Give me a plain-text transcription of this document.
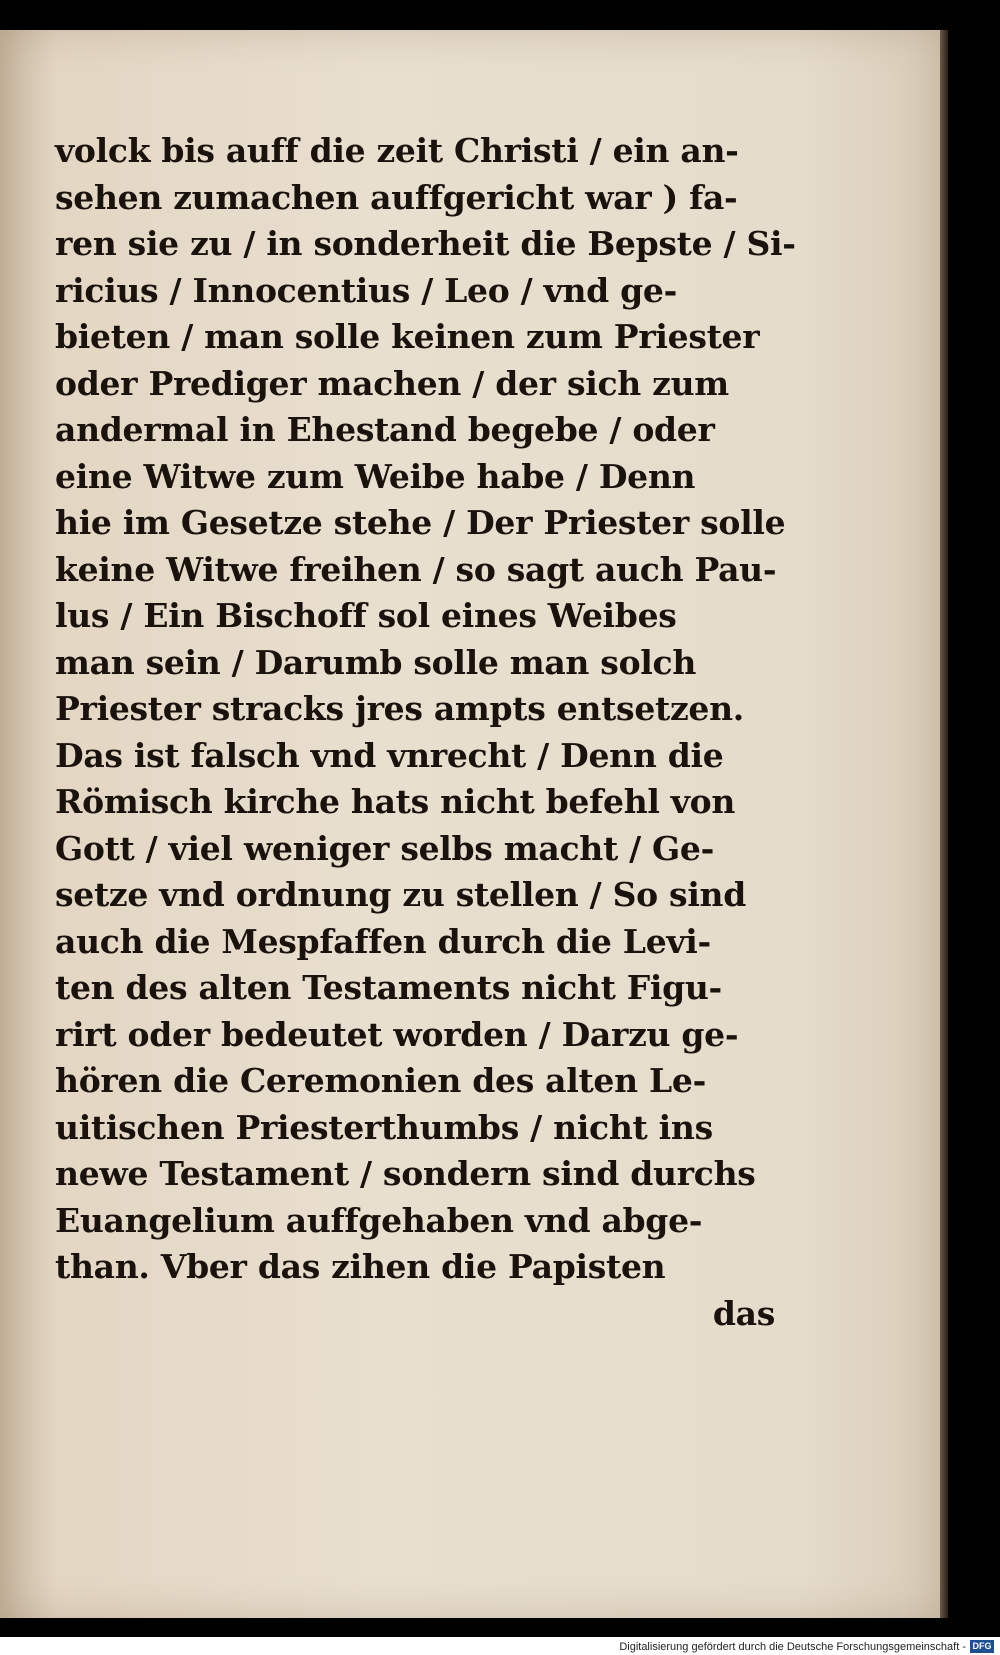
volck bis auff die zeit Christi / ein an-
sehen zumachen auffgericht war ) fa-
ren sie zu / in sonderheit die Bepste / Si-
ricius / Innocentius / Leo / vnd ge-
bieten / man solle keinen zum Priester
oder Prediger machen / der sich zum
andermal in Ehestand begebe / oder
eine Witwe zum Weibe habe / Denn
hie im Gesetze stehe / Der Priester solle
keine Witwe freihen / so sagt auch Pau-
lus / Ein Bischoff sol eines Weibes
man sein / Darumb solle man solch
Priester stracks jres ampts entsetzen.
Das ist falsch vnd vnrecht / Denn die
Römisch kirche hats nicht befehl von
Gott / viel weniger selbs macht / Ge-
setze vnd ordnung zu stellen / So sind
auch die Mespfaffen durch die Levi-
ten des alten Testaments nicht Figu-
rirt oder bedeutet worden / Darzu ge-
hören die Ceremonien des alten Le-
uitischen Priesterthumbs / nicht ins
newe Testament / sondern sind durchs
Euangelium auffgehaben vnd abge-
than. Vber das zihen die Papisten
das
Digitalisierung gefördert durch die Deutsche Forschungsgemeinschaft - DFG
